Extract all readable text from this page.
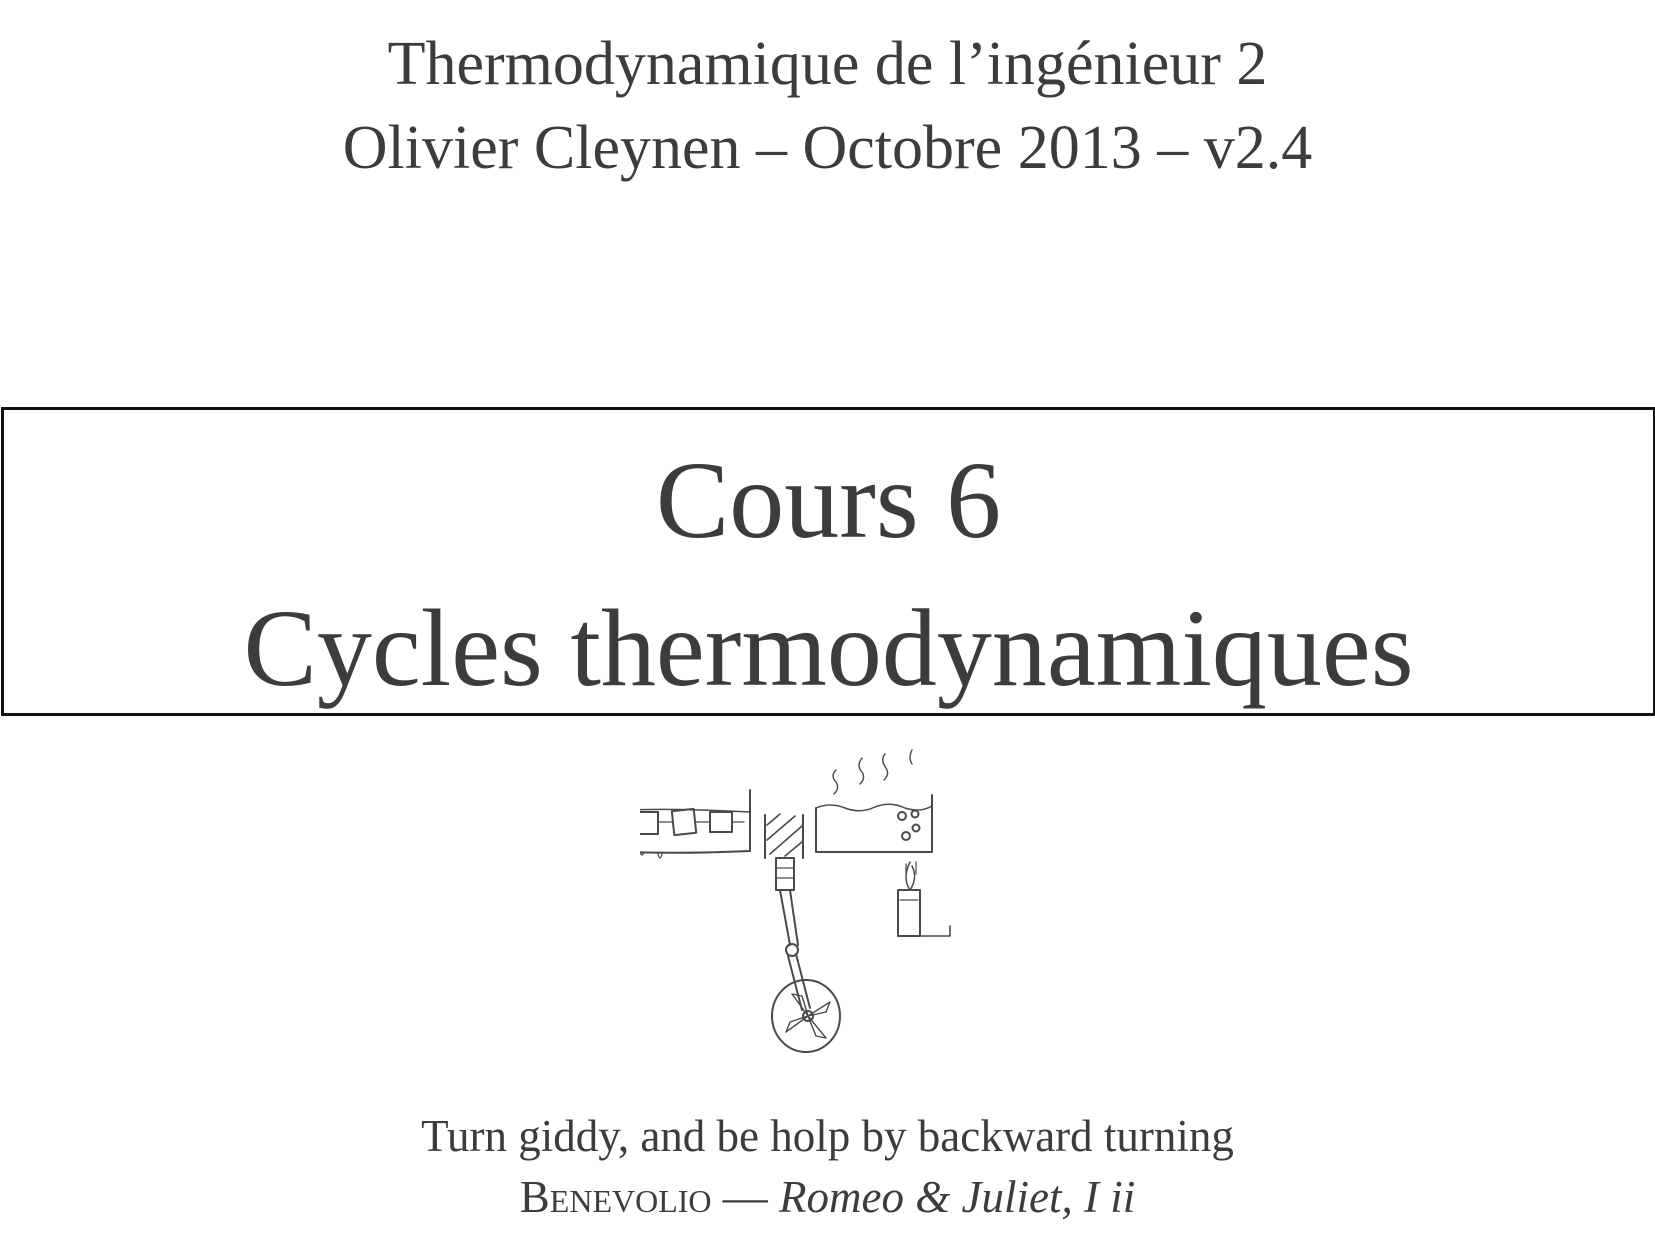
Thermodynamique de l’ingénieur 2
Olivier Cleynen – Octobre 2013 – v2.4
Cours 6
Cycles thermodynamiques
Turn giddy, and be holp by backward turning
Benevolio — Romeo & Juliet, I ii
